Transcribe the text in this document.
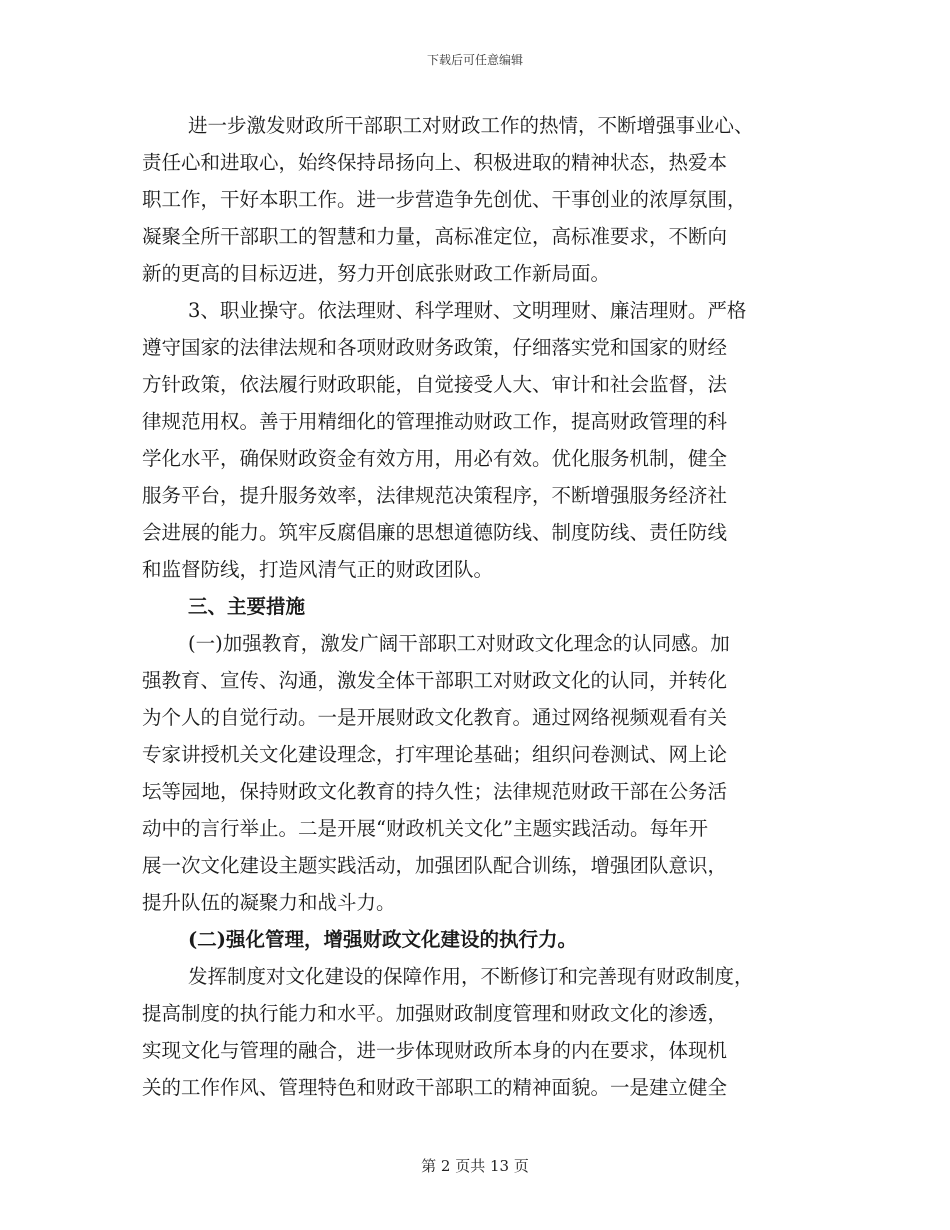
下载后可任意编辑
进一步激发财政所干部职工对财政工作的热情，不断增强事业心、
责任心和进取心，始终保持昂扬向上、积极进取的精神状态，热爱本
职工作，干好本职工作。进一步营造争先创优、干事创业的浓厚氛围，
凝聚全所干部职工的智慧和力量，高标准定位，高标准要求，不断向
新的更高的目标迈进，努力开创底张财政工作新局面。
3、职业操守。依法理财、科学理财、文明理财、廉洁理财。严格
遵守国家的法律法规和各项财政财务政策，仔细落实党和国家的财经
方针政策，依法履行财政职能，自觉接受人大、审计和社会监督，法
律规范用权。善于用精细化的管理推动财政工作，提高财政管理的科
学化水平，确保财政资金有效方用，用必有效。优化服务机制，健全
服务平台，提升服务效率，法律规范决策程序，不断增强服务经济社
会进展的能力。筑牢反腐倡廉的思想道德防线、制度防线、责任防线
和监督防线，打造风清气正的财政团队。
三、主要措施
(一)加强教育，激发广阔干部职工对财政文化理念的认同感。加
强教育、宣传、沟通，激发全体干部职工对财政文化的认同，并转化
为个人的自觉行动。一是开展财政文化教育。通过网络视频观看有关
专家讲授机关文化建设理念，打牢理论基础；组织问卷测试、网上论
坛等园地，保持财政文化教育的持久性；法律规范财政干部在公务活
动中的言行举止。二是开展“财政机关文化”主题实践活动。每年开
展一次文化建设主题实践活动，加强团队配合训练，增强团队意识，
提升队伍的凝聚力和战斗力。
(二)强化管理，增强财政文化建设的执行力。
发挥制度对文化建设的保障作用，不断修订和完善现有财政制度，
提高制度的执行能力和水平。加强财政制度管理和财政文化的渗透，
实现文化与管理的融合，进一步体现财政所本身的内在要求，体现机
关的工作作风、管理特色和财政干部职工的精神面貌。一是建立健全
第 2 页共 13 页
